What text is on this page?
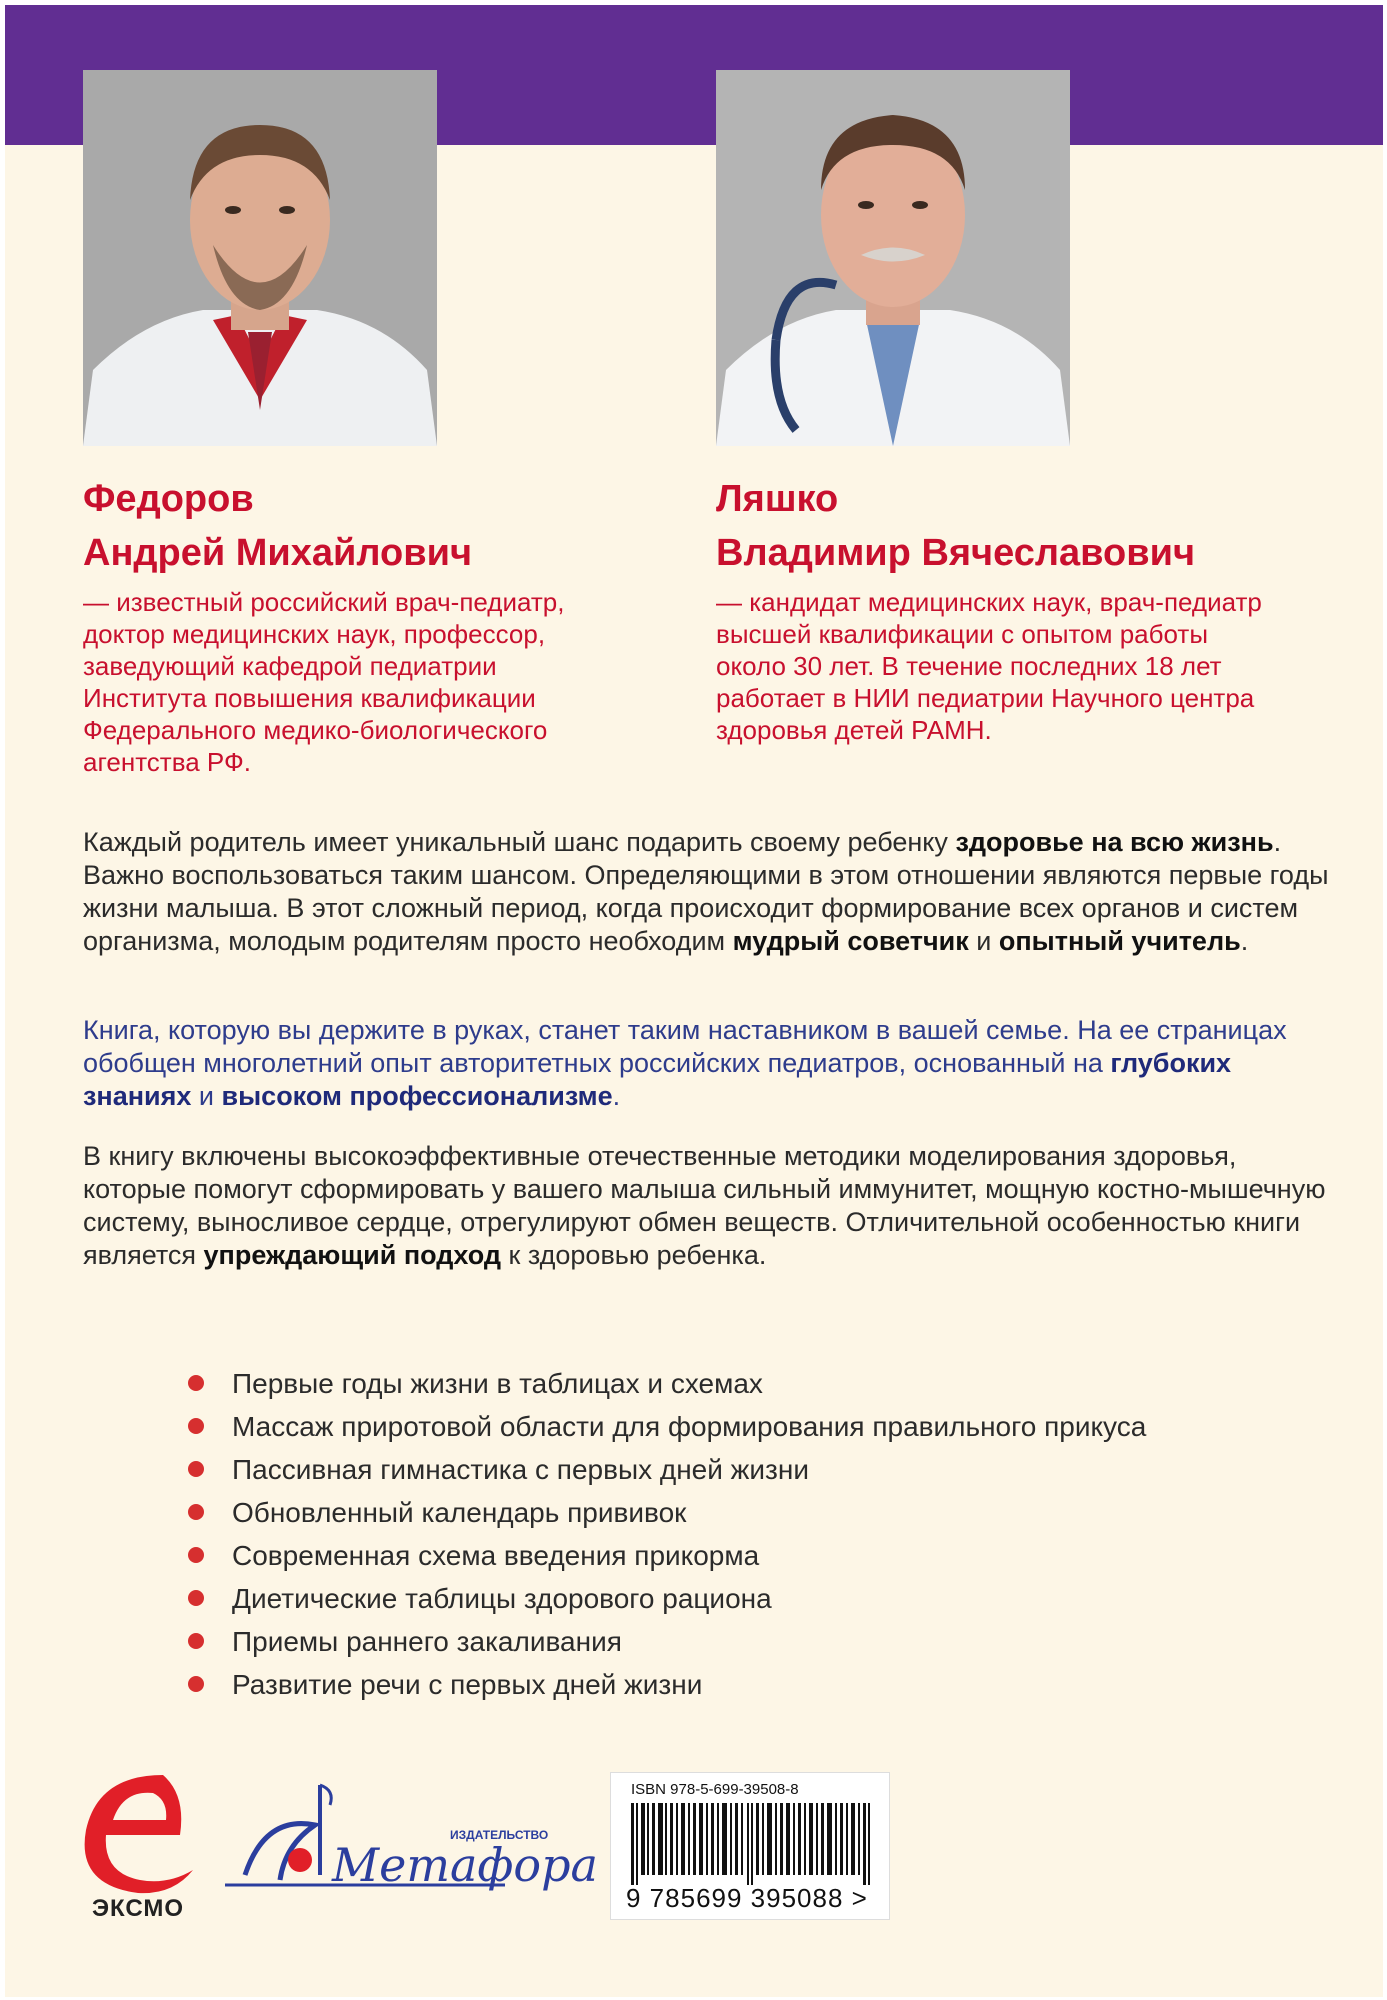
Федоров
Андрей Михайлович
Ляшко
Владимир Вячеславович
— известный российский врач-педиатр, доктор медицинских наук, профессор, заведующий кафедрой педиатрии Института повышения квалификации Федерального медико-биологического агентства РФ.
— кандидат медицинских наук, врач-педиатр высшей квалификации с опытом работы около 30 лет. В течение последних 18 лет работает в НИИ педиатрии Научного центра здоровья детей РАМН.
Каждый родитель имеет уникальный шанс подарить своему ребенку здоровье на всю жизнь. Важно воспользоваться таким шансом. Определяющими в этом отношении являются первые годы жизни малыша. В этот сложный период, когда происходит формирование всех органов и систем организма, молодым родителям просто необходим мудрый советчик и опытный учитель.
Книга, которую вы держите в руках, станет таким наставником в вашей семье. На ее страницах обобщен многолетний опыт авторитетных российских педиатров, основанный на глубоких знаниях и высоком профессионализме.
В книгу включены высокоэффективные отечественные методики моделирования здоровья, которые помогут сформировать у вашего малыша сильный иммунитет, мощную костно-мышечную систему, выносливое сердце, отрегулируют обмен веществ. Отличительной особенностью книги является упреждающий подход к здоровью ребенка.
Первые годы жизни в таблицах и схемах
Массаж приротовой области для формирования правильного прикуса
Пассивная гимнастика с первых дней жизни
Обновленный календарь прививок
Современная схема введения прикорма
Диетические таблицы здорового рациона
Приемы раннего закаливания
Развитие речи с первых дней жизни
ЭКСМО
ИЗДАТЕЛЬСТВО
Метафора
ISBN 978-5-699-39508-8
9 785699 395088 >
